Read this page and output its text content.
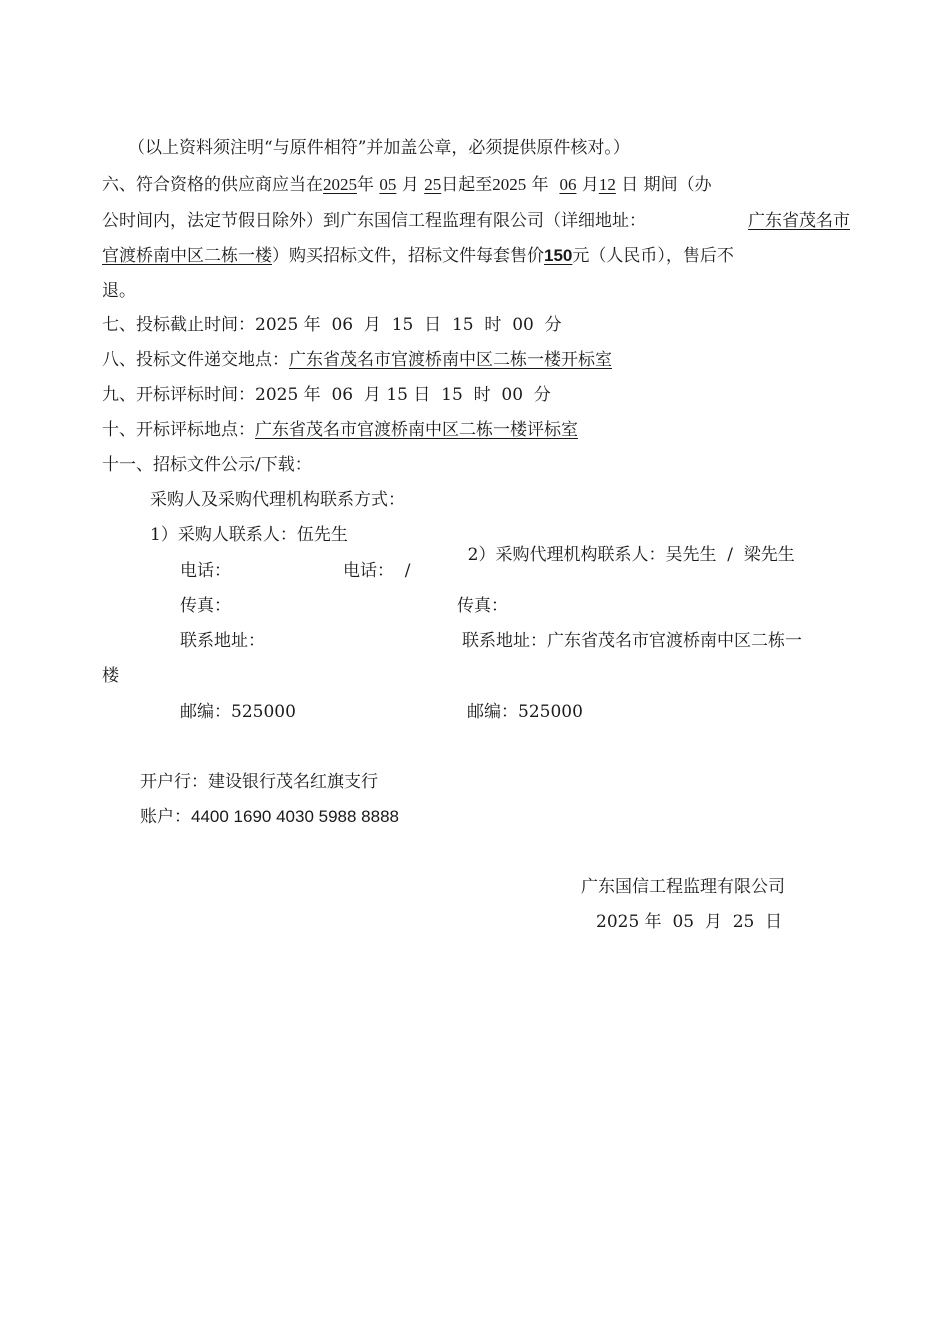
（以上资料须注明“与原件相符”并加盖公章，必须提供原件核对。）
六、符合资格的供应商应当在2025年 05 月 25日起至2025 年 06 月12 日 期间（办
公时间内，法定节假日除外）到广东国信工程监理有限公司（详细地址：	广东省茂名市
官渡桥南中区二栋一楼）购买招标文件，招标文件每套售价150元（人民币），售后不
退。
七、投标截止时间：2025 年  06  月  15  日  15  时  00  分
八、投标文件递交地点：广东省茂名市官渡桥南中区二栋一楼开标室
九、开标评标时间：2025 年  06  月 15 日  15  时  00  分
十、开标评标地点：广东省茂名市官渡桥南中区二栋一楼评标室
十一、招标文件公示/下载：
采购人及采购代理机构联系方式：
1）采购人联系人：伍先生

2）采购代理机构联系人：吴先生  /  梁先生

电话：	电话：  /
传真：	传真：
联系地址：	联系地址：广东省茂名市官渡桥南中区二栋一
楼
邮编：525000	邮编：525000
开户行：建设银行茂名红旗支行
账户：4400 1690 4030 5988 8888
广东国信工程监理有限公司
2025 年  05  月  25  日
